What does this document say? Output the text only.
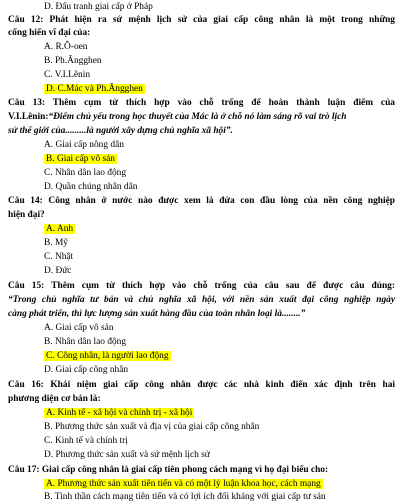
D. Đấu tranh giai cấp ở Pháp
Câu 12: Phát hiện ra sứ mệnh lịch sử của giai cấp công nhân là một trong những
cống hiến vĩ đại của:
A. R.Ô-oen
B. Ph.Ăngghen
C. V.I.Lênin
D. C.Mác và Ph.Ăngghen
Câu 13: Thêm cụm từ thích hợp vào chỗ trống để hoàn thành luận điểm của
V.I.Lênin:“Điểm chủ yếu trong học thuyết của Mác là ở chỗ nó làm sáng rõ vai trò lịch
sử thế giới của.........là người xây dựng chủ nghĩa xã hội”.
A. Giai cấp nông dân
B. Giai cấp vô sản
C. Nhân dân lao động
D. Quần chúng nhân dân
Câu 14: Công nhân ở nước nào được xem là đứa con đầu lòng của nền công nghiệp
hiện đại?
A. Anh
B. Mỹ
C. Nhật
D. Đức
Câu 15: Thêm cụm từ thích hợp vào chỗ trống của câu sau để được câu đúng:
“Trong chủ nghĩa tư bản và chủ nghĩa xã hội, với nền sản xuất đại công nghiệp ngày
càng phát triển, thì lực lượng sản xuất hàng đầu của toàn nhân loại là........”
A. Giai cấp vô sản
B. Nhân dân lao động
C. Công nhân, là người lao động
D. Giai cấp công nhân
Câu 16: Khái niệm giai cấp công nhân được các nhà kinh điển xác định trên hai
phương diện cơ bản là:
A. Kinh tế - xã hội và chính trị - xã hội
B. Phương thức sản xuất và địa vị của giai cấp công nhân
C. Kinh tế và chính trị
D. Phương thức sản xuất và sứ mệnh lịch sử
Câu 17: Giai cấp công nhân là giai cấp tiên phong cách mạng vì họ đại biểu cho:
A. Phương thức sản xuất tiên tiến và có một lý luận khoa học, cách mạng
B. Tinh thần cách mạng tiên tiến và có lợi ích đối kháng với giai cấp tư sản
